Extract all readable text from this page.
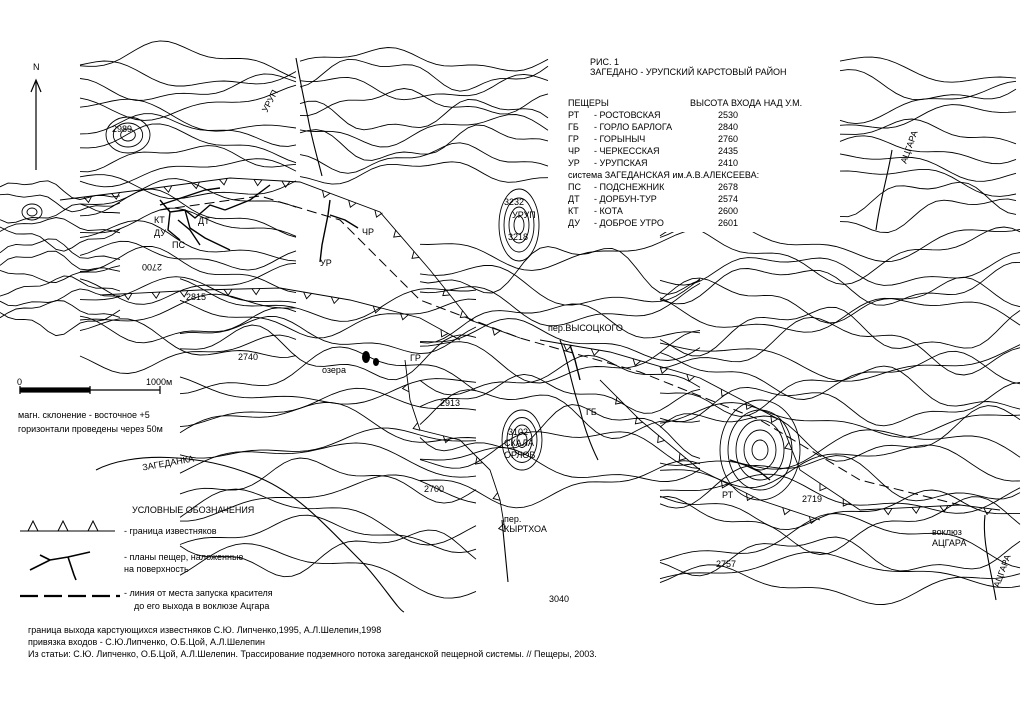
РИС. 1
ЗАГЕДАНО - УРУПСКИЙ КАРСТОВЫЙ РАЙОН
ПЕЩЕРЫ	ВЫСОТА ВХОДА НАД У.М.
РТ - РОСТОВСКАЯ	2530
ГБ - ГОРЛО БАРЛОГА	2840
ГР - ГОРЫНЫЧ	2760
ЧР - ЧЕРКЕССКАЯ	2435
УР - УРУПСКАЯ	2410
система ЗАГЕДАНСКАЯ им.А.В.АЛЕКСЕЕВА:
ПС - ПОДСНЕЖНИК	2678
ДТ - ДОРБУН-ТУР	2574
КТ - КОТА	2600
ДУ - ДОБРОЕ УТРО	2601
N
0	1000м
магн. склонение - восточное +5
горизонтали проведены через 50м
УСЛОВНЫЕ ОБОЗНАЧЕНИЯ
- граница известняков
- планы пещер, наложенные
на поверхность
- линия от места запуска красителя
до его выхода в воклюзе Ацгара
граница выхода карстующихся известняков С.Ю. Липченко,1995, А.Л.Шелепин,1998
привязка входов - С.Ю.Липченко, О.Б.Цой, А.Л.Шелепин
Из статьи: С.Ю. Липченко, О.Б.Цой, А.Л.Шелепин. Трассирование подземного потока загеданской пещерной системы. // Пещеры, 2003.
2989
2700
2815
2740
2913
3232
3218
3102
2700
2719
2757
3040
КТ
ДУ
ДТ
ПС
ЧР
УР
ГР
ГБ
РТ
УРУП
озера
СКАЛА
ОРЛОВ
пер.ВЫСОЦКОГО
пер.
КЫРТХОА	воклюз
АЦГАРА
ЗАГЕДАНКА
УРУП
АЦГАРА
АЦГАРА
